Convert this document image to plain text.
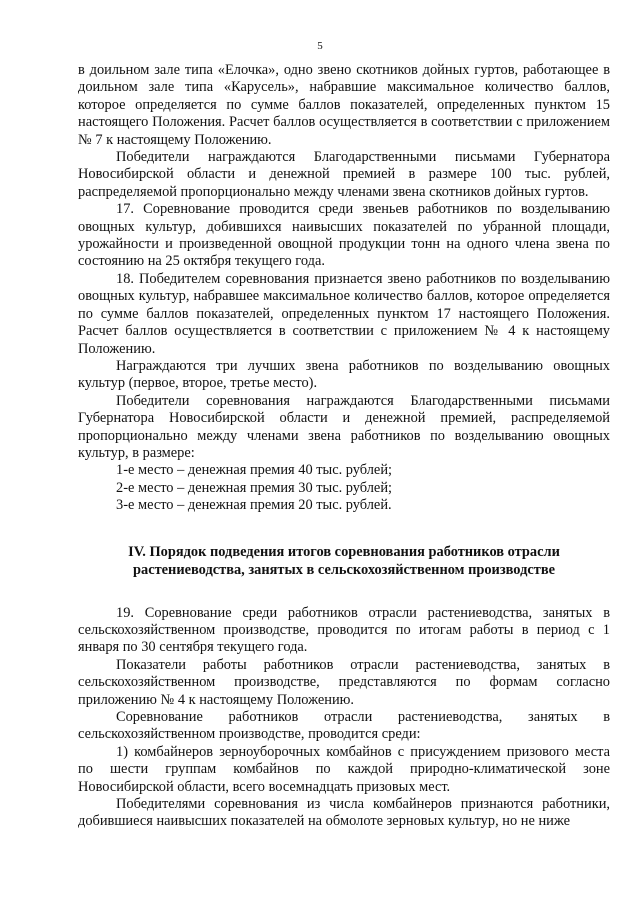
5

в доильном зале типа «Елочка», одно звено скотников дойных гуртов, работающее в доильном зале типа «Карусель», набравшие максимальное количество баллов, которое определяется по сумме баллов показателей, определенных пунктом 15 настоящего Положения. Расчет баллов осуществляется в соответствии с приложением № 7 к настоящему Положению.

Победители награждаются Благодарственными письмами Губернатора Новосибирской области и денежной премией в размере 100 тыс. рублей, распределяемой пропорционально между членами звена скотников дойных гуртов.

17. Соревнование проводится среди звеньев работников по возделыванию овощных культур, добившихся наивысших показателей по убранной площади, урожайности и произведенной овощной продукции тонн на одного члена звена по состоянию на 25 октября текущего года.

18. Победителем соревнования признается звено работников по возделыванию овощных культур, набравшее максимальное количество баллов, которое определяется по сумме баллов показателей, определенных пунктом 17 настоящего Положения. Расчет баллов осуществляется в соответствии с приложением № 4 к настоящему Положению.

Награждаются три лучших звена работников по возделыванию овощных культур (первое, второе, третье место).

Победители соревнования награждаются Благодарственными письмами Губернатора Новосибирской области и денежной премией, распределяемой пропорционально между членами звена работников по возделыванию овощных культур, в размере:

1-е место – денежная премия 40 тыс. рублей;

2-е место – денежная премия 30 тыс. рублей;

3-е место – денежная премия 20 тыс. рублей.

IV. Порядок подведения итогов соревнования работников отрасли

растениеводства, занятых в сельскохозяйственном производстве

19. Соревнование среди работников отрасли растениеводства, занятых в сельскохозяйственном производстве, проводится по итогам работы в период с 1 января по 30 сентября текущего года.

Показатели работы работников отрасли растениеводства, занятых в сельскохозяйственном производстве, представляются по формам согласно приложению № 4 к настоящему Положению.

Соревнование работников отрасли растениеводства, занятых в сельскохозяйственном производстве, проводится среди:

1) комбайнеров зерноуборочных комбайнов с присуждением призового места по шести группам комбайнов по каждой природно-климатической зоне Новосибирской области, всего восемнадцать призовых мест.

Победителями соревнования из числа комбайнеров признаются работники, добившиеся наивысших показателей на обмолоте зерновых культур, но не ниже
